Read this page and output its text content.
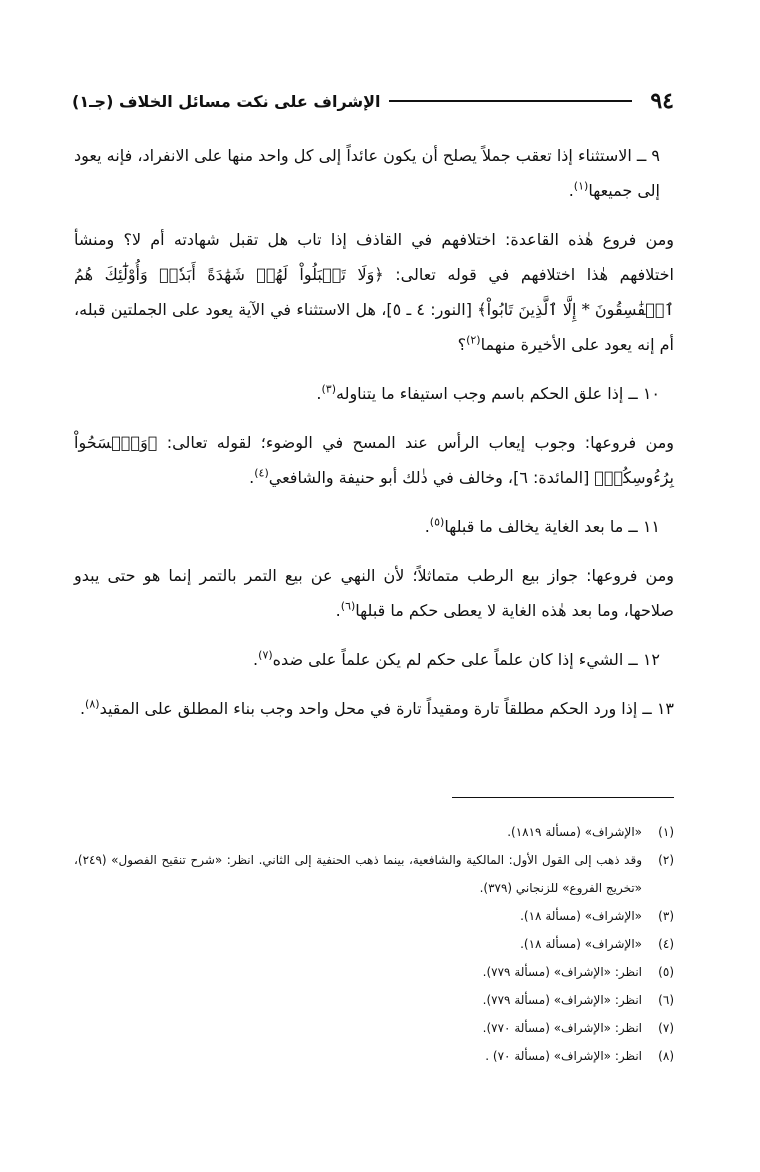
٩٤
الإشراف على نكت مسائل الخلاف (جـ١)

٩ ــ الاستثناء إذا تعقب جملاً يصلح أن يكون عائداً إلى كل واحد منها على الانفراد، فإنه يعود إلى جميعها$^{(١)}$.

ومن فروع هٰذه القاعدة: اختلافهم في القاذف إذا تاب هل تقبل شهادته أم لا؟ ومنشأ اختلافهم هٰذا اختلافهم في قوله تعالى: ﴿وَلَا تَقۡبَلُواْ لَهُمۡ شَهَٰدَةً أَبَدٗاۚ وَأُوْلَٰٓئِكَ هُمُ ٱلۡفَٰسِقُونَ * إِلَّا ٱلَّذِينَ تَابُواْ﴾ [النور: ٤ ـ ٥]، هل الاستثناء في الآية يعود على الجملتين قبله، أم إنه يعود على الأخيرة منهما$^{(٢)}$؟

١٠ ــ إذا علق الحكم باسم وجب استيفاء ما يتناوله$^{(٣)}$.

ومن فروعها: وجوب إيعاب الرأس عند المسح في الوضوء؛ لقوله تعالى: ﴿وَٱمۡسَحُواْ بِرُءُوسِكُمۡ﴾ [المائدة: ٦]، وخالف في ذٰلك أبو حنيفة والشافعي$^{(٤)}$.

١١ ــ ما بعد الغاية يخالف ما قبلها$^{(٥)}$.

ومن فروعها: جواز بيع الرطب متماثلاً؛ لأن النهي عن بيع التمر بالتمر إنما هو حتى يبدو صلاحها، وما بعد هٰذه الغاية لا يعطى حكم ما قبلها$^{(٦)}$.

١٢ ــ الشيء إذا كان علماً على حكم لم يكن علماً على ضده$^{(٧)}$.

١٣ ــ إذا ورد الحكم مطلقاً تارة ومقيداً تارة في محل واحد وجب بناء المطلق على المقيد$^{(٨)}$.

(١)
«الإشراف» (مسألة ١٨١٩).
(٢)
وقد ذهب إلى القول الأول: المالكية والشافعية، بينما ذهب الحنفية إلى الثاني. انظر: «شرح تنقيح الفصول» (٢٤٩)، «تخريج الفروع» للزنجاني (٣٧٩).
(٣)
«الإشراف» (مسألة ١٨).
(٤)
«الإشراف» (مسألة ١٨).
(٥)
انظر: «الإشراف» (مسألة ٧٧٩).
(٦)
انظر: «الإشراف» (مسألة ٧٧٩).
(٧)
انظر: «الإشراف» (مسألة ٧٧٠).
(٨)
انظر: «الإشراف» (مسألة ٧٠) .
